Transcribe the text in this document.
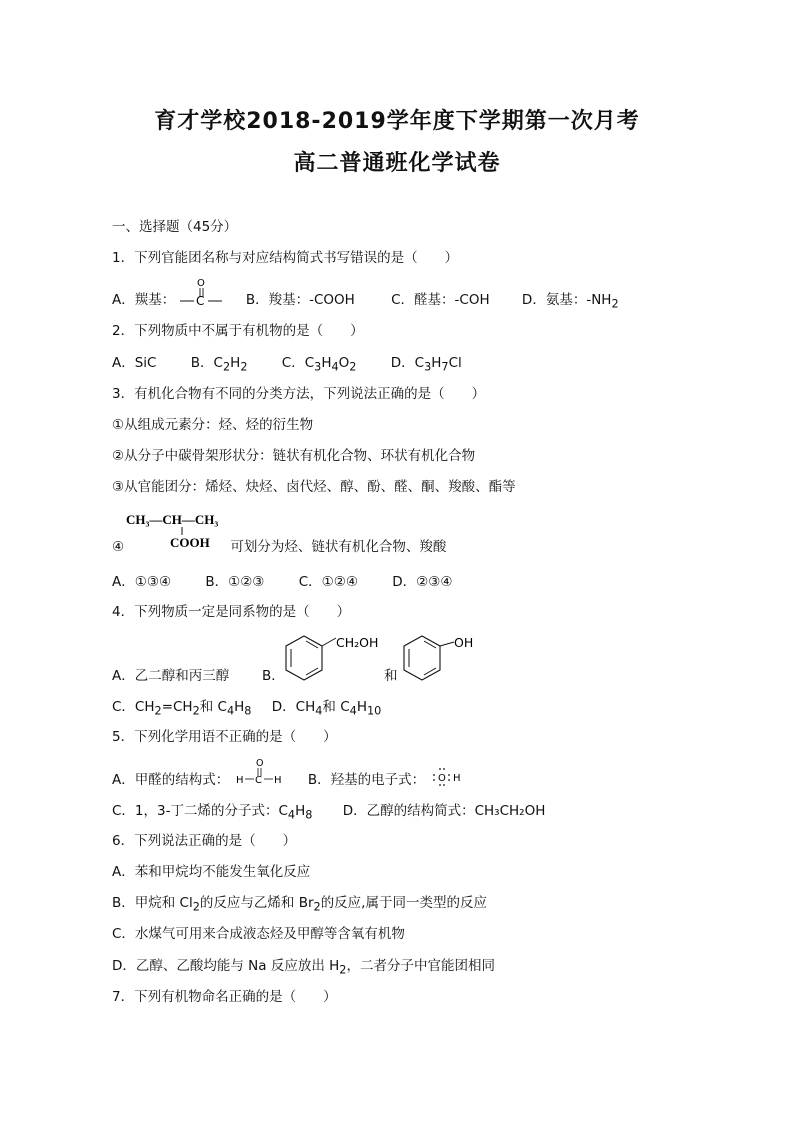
育才学校2018-2019学年度下学期第一次月考
高二普通班化学试卷
一、选择题（45分）
1．下列官能团名称与对应结构简式书写错误的是（　　）
A．羰基：
O
C	B．羧基：-COOH	C．醛基：-COH D．氨基：$-NH_2$
2．下列物质中不属于有机物的是（　　）
A．SiC	B．$C_2H_2$	C．$C_3H_4O_2$	D．$C_3H_7Cl$
3．有机化合物有不同的分类方法，下列说法正确的是（　　）
①从组成元素分：烃、烃的衍生物
②从分子中碳骨架形状分：链状有机化合物、环状有机化合物
③从官能团分：烯烃、炔烃、卤代烃、醇、酚、醛、酮、羧酸、酯等
CH₃—CH—CH₃
COOH
④	可划分为烃、链状有机化合物、羧酸
A．①③④	B．①②③	C．①②④	D．②③④
4．下列物质一定是同系物的是（　　）
A．乙二醇和丙三醇 B．
CH₂OH
和
OH
C．$CH_2=CH_2$和 $C_4H_8$ D．$CH_4$和 $C_4H_{10}$
5．下列化学用语不正确的是（　　）
A．甲醛的结构式：
O
H C H B．羟基的电子式： O H
C．1，3-丁二烯的分子式：$C_4H_8$ D．乙醇的结构简式：CH₃CH₂OH
6．下列说法正确的是（　　）
A．苯和甲烷均不能发生氧化反应
B．甲烷和 $Cl_2$的反应与乙烯和 $Br_2$的反应,属于同一类型的反应
C．水煤气可用来合成液态烃及甲醇等含氧有机物
D．乙醇、乙酸均能与 Na 反应放出 $H_2$，二者分子中官能团相同
7．下列有机物命名正确的是（　　）
